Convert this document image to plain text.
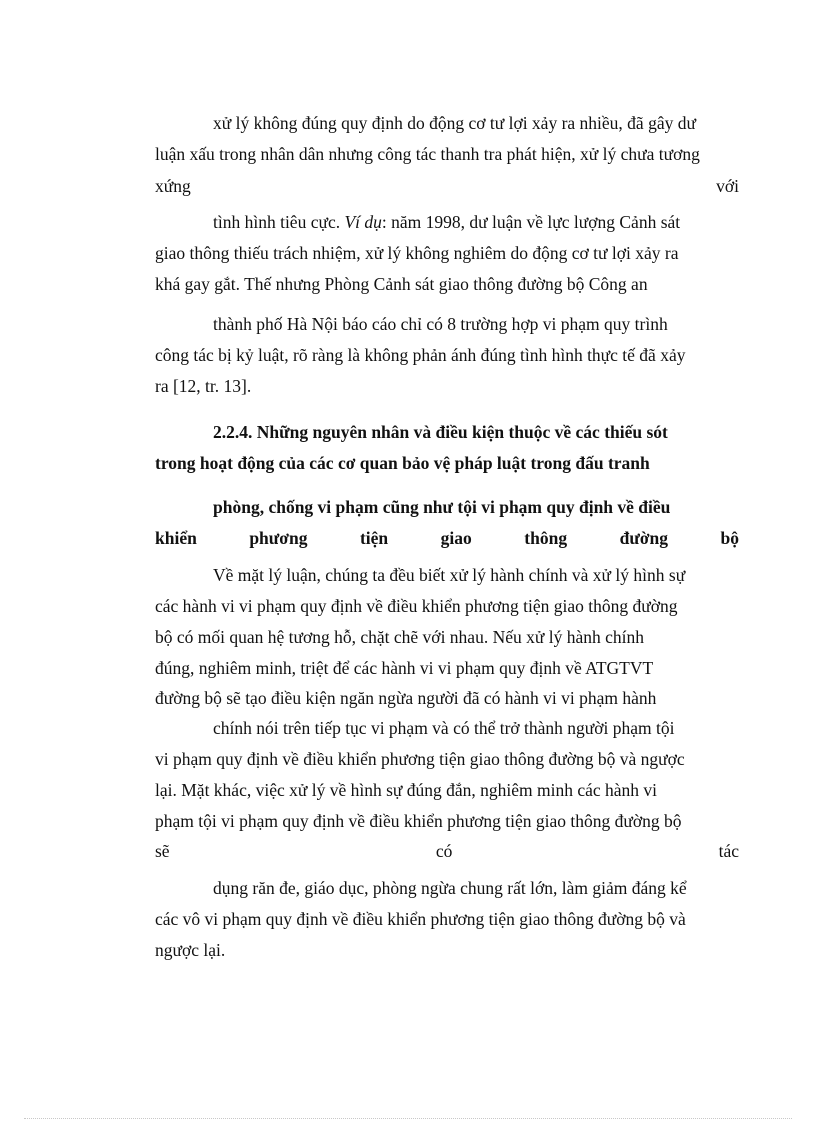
xử lý không đúng quy định do động cơ tư lợi xảy ra nhiều, đã gây dư
luận xấu trong nhân dân nhưng công tác thanh tra phát hiện, xử lý chưa tương
xứng	với
tình hình tiêu cực. Ví dụ: năm 1998, dư luận về lực lượng Cảnh sát
giao thông thiếu trách nhiệm, xử lý không nghiêm do động cơ tư lợi xảy ra
khá gay gắt. Thế nhưng Phòng Cảnh sát giao thông đường bộ Công an
thành phố Hà Nội báo cáo chỉ có 8 trường hợp vi phạm quy trình
công tác bị kỷ luật, rõ ràng là không phản ánh đúng tình hình thực tế đã xảy
ra [12, tr. 13].
2.2.4. Những nguyên nhân và điều kiện thuộc về các thiếu sót
trong hoạt động của các cơ quan bảo vệ pháp luật trong đấu tranh
phòng, chống vi phạm cũng như tội vi phạm quy định về điều
khiển	phương	tiện	giao	thông	đường	bộ
Về mặt lý luận, chúng ta đều biết xử lý hành chính và xử lý hình sự
các hành vi vi phạm quy định về điều khiển phương tiện giao thông đường
bộ có mối quan hệ tương hỗ, chặt chẽ với nhau. Nếu xử lý hành chính
đúng, nghiêm minh, triệt để các hành vi vi phạm quy định về ATGTVT
đường bộ sẽ tạo điều kiện ngăn ngừa người đã có hành vi vi phạm hành
chính nói trên tiếp tục vi phạm và có thể trở thành người phạm tội
vi phạm quy định về điều khiển phương tiện giao thông đường bộ và ngược
lại. Mặt khác, việc xử lý về hình sự đúng đắn, nghiêm minh các hành vi
phạm tội vi phạm quy định về điều khiển phương tiện giao thông đường bộ
sẽ	có	tác
dụng răn đe, giáo dục, phòng ngừa chung rất lớn, làm giảm đáng kể
các vô vi phạm quy định về điều khiển phương tiện giao thông đường bộ và
ngược lại.
